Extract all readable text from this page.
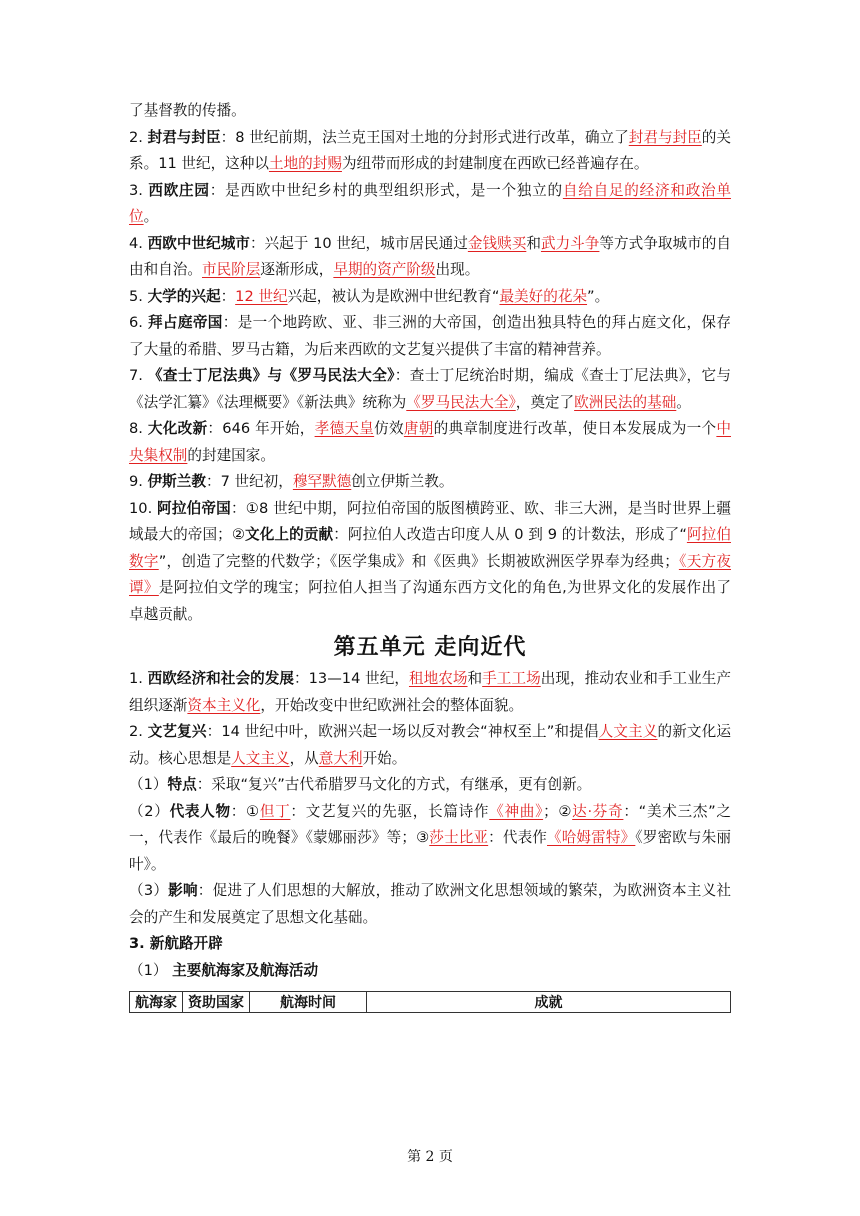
了基督教的传播。

2. 封君与封臣：8 世纪前期，法兰克王国对土地的分封形式进行改革，确立了封君与封臣的关系。11 世纪，这种以土地的封赐为纽带而形成的封建制度在西欧已经普遍存在。

3. 西欧庄园：是西欧中世纪乡村的典型组织形式，是一个独立的自给自足的经济和政治单位。

4. 西欧中世纪城市：兴起于 10 世纪，城市居民通过金钱赎买和武力斗争等方式争取城市的自由和自治。市民阶层逐渐形成，早期的资产阶级出现。

5. 大学的兴起：12 世纪兴起，被认为是欧洲中世纪教育“最美好的花朵”。

6. 拜占庭帝国：是一个地跨欧、亚、非三洲的大帝国，创造出独具特色的拜占庭文化，保存了大量的希腊、罗马古籍，为后来西欧的文艺复兴提供了丰富的精神营养。

7. 《查士丁尼法典》与《罗马民法大全》：查士丁尼统治时期，编成《查士丁尼法典》，它与《法学汇纂》《法理概要》《新法典》统称为《罗马民法大全》，奠定了欧洲民法的基础。

8. 大化改新：646 年开始，孝德天皇仿效唐朝的典章制度进行改革，使日本发展成为一个中央集权制的封建国家。

9. 伊斯兰教：7 世纪初，穆罕默德创立伊斯兰教。

10. 阿拉伯帝国：①8 世纪中期，阿拉伯帝国的版图横跨亚、欧、非三大洲，是当时世界上疆域最大的帝国；②文化上的贡献：阿拉伯人改造古印度人从 0 到 9 的计数法，形成了“阿拉伯数字”，创造了完整的代数学；《医学集成》和《医典》长期被欧洲医学界奉为经典；《天方夜谭》是阿拉伯文学的瑰宝；阿拉伯人担当了沟通东西方文化的角色,为世界文化的发展作出了卓越贡献。

第五单元 走向近代

1. 西欧经济和社会的发展：13—14 世纪，租地农场和手工工场出现，推动农业和手工业生产组织逐渐资本主义化，开始改变中世纪欧洲社会的整体面貌。

2. 文艺复兴：14 世纪中叶，欧洲兴起一场以反对教会“神权至上”和提倡人文主义的新文化运动。核心思想是人文主义，从意大利开始。

（1）特点：采取“复兴”古代希腊罗马文化的方式，有继承，更有创新。

（2）代表人物：①但丁：文艺复兴的先驱，长篇诗作《神曲》；②达·芬奇：“美术三杰”之一，代表作《最后的晚餐》《蒙娜丽莎》等；③莎士比亚：代表作《哈姆雷特》《罗密欧与朱丽叶》。

（3）影响：促进了人们思想的大解放，推动了欧洲文化思想领域的繁荣，为欧洲资本主义社会的产生和发展奠定了思想文化基础。

3. 新航路开辟

（1） 主要航海家及航海活动

航海家	资助国家	航海时间	成就
第 2 页
